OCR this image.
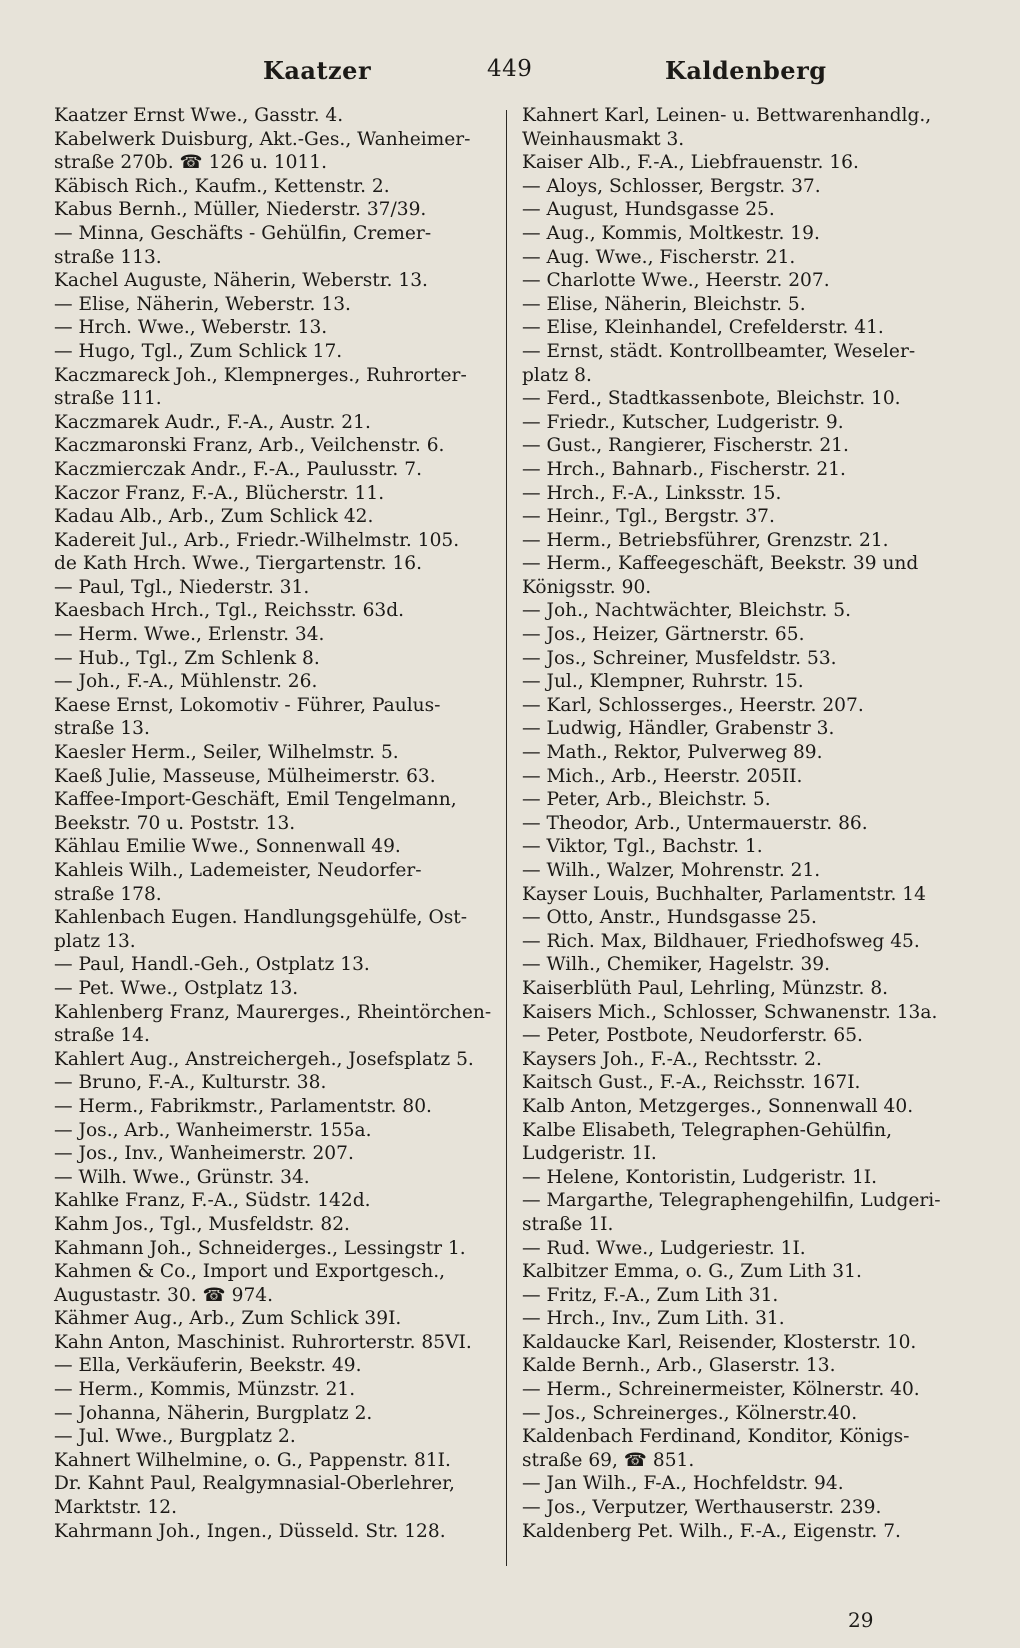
Kaatzer	449	Kaldenberg
Kaatzer Ernst Wwe., Gasstr. 4.
Kabelwerk Duisburg, Akt.-Ges., Wanheimer-
straße 270b. ☎ 126 u. 1011.
Käbisch Rich., Kaufm., Kettenstr. 2.
Kabus Bernh., Müller, Niederstr. 37/39.
— Minna, Geschäfts - Gehülfin, Cremer-
straße 113.
Kachel Auguste, Näherin, Weberstr. 13.
— Elise, Näherin, Weberstr. 13.
— Hrch. Wwe., Weberstr. 13.
— Hugo, Tgl., Zum Schlick 17.
Kaczmareck Joh., Klempnerges., Ruhrorter-
straße 111.
Kaczmarek Audr., F.-A., Austr. 21.
Kaczmaronski Franz, Arb., Veilchenstr. 6.
Kaczmierczak Andr., F.-A., Paulusstr. 7.
Kaczor Franz, F.-A., Blücherstr. 11.
Kadau Alb., Arb., Zum Schlick 42.
Kadereit Jul., Arb., Friedr.-Wilhelmstr. 105.
de Kath Hrch. Wwe., Tiergartenstr. 16.
— Paul, Tgl., Niederstr. 31.
Kaesbach Hrch., Tgl., Reichsstr. 63d.
— Herm. Wwe., Erlenstr. 34.
— Hub., Tgl., Zm Schlenk 8.
— Joh., F.-A., Mühlenstr. 26.
Kaese Ernst, Lokomotiv - Führer, Paulus-
straße 13.
Kaesler Herm., Seiler, Wilhelmstr. 5.
Kaeß Julie, Masseuse, Mülheimerstr. 63.
Kaffee-Import-Geschäft, Emil Tengelmann,
Beekstr. 70 u. Poststr. 13.
Kählau Emilie Wwe., Sonnenwall 49.
Kahleis Wilh., Lademeister, Neudorfer-
straße 178.
Kahlenbach Eugen. Handlungsgehülfe, Ost-
platz 13.
— Paul, Handl.-Geh., Ostplatz 13.
— Pet. Wwe., Ostplatz 13.
Kahlenberg Franz, Maurerges., Rheintörchen-
straße 14.
Kahlert Aug., Anstreichergeh., Josefsplatz 5.
— Bruno, F.-A., Kulturstr. 38.
— Herm., Fabrikmstr., Parlamentstr. 80.
— Jos., Arb., Wanheimerstr. 155a.
— Jos., Inv., Wanheimerstr. 207.
— Wilh. Wwe., Grünstr. 34.
Kahlke Franz, F.-A., Südstr. 142d.
Kahm Jos., Tgl., Musfeldstr. 82.
Kahmann Joh., Schneiderges., Lessingstr 1.
Kahmen & Co., Import und Exportgesch.,
Augustastr. 30. ☎ 974.
Kähmer Aug., Arb., Zum Schlick 39I.
Kahn Anton, Maschinist. Ruhrorterstr. 85VI.
— Ella, Verkäuferin, Beekstr. 49.
— Herm., Kommis, Münzstr. 21.
— Johanna, Näherin, Burgplatz 2.
— Jul. Wwe., Burgplatz 2.
Kahnert Wilhelmine, o. G., Pappenstr. 81I.
Dr. Kahnt Paul, Realgymnasial-Oberlehrer,
Marktstr. 12.
Kahrmann Joh., Ingen., Düsseld. Str. 128.
Kahnert Karl, Leinen- u. Bettwarenhandlg.,
Weinhausmakt 3.
Kaiser Alb., F.-A., Liebfrauenstr. 16.
— Aloys, Schlosser, Bergstr. 37.
— August, Hundsgasse 25.
— Aug., Kommis, Moltkestr. 19.
— Aug. Wwe., Fischerstr. 21.
— Charlotte Wwe., Heerstr. 207.
— Elise, Näherin, Bleichstr. 5.
— Elise, Kleinhandel, Crefelderstr. 41.
— Ernst, städt. Kontrollbeamter, Weseler-
platz 8.
— Ferd., Stadtkassenbote, Bleichstr. 10.
— Friedr., Kutscher, Ludgeristr. 9.
— Gust., Rangierer, Fischerstr. 21.
— Hrch., Bahnarb., Fischerstr. 21.
— Hrch., F.-A., Linksstr. 15.
— Heinr., Tgl., Bergstr. 37.
— Herm., Betriebsführer, Grenzstr. 21.
— Herm., Kaffeegeschäft, Beekstr. 39 und
Königsstr. 90.
— Joh., Nachtwächter, Bleichstr. 5.
— Jos., Heizer, Gärtnerstr. 65.
— Jos., Schreiner, Musfeldstr. 53.
— Jul., Klempner, Ruhrstr. 15.
— Karl, Schlosserges., Heerstr. 207.
— Ludwig, Händler, Grabenstr 3.
— Math., Rektor, Pulverweg 89.
— Mich., Arb., Heerstr. 205II.
— Peter, Arb., Bleichstr. 5.
— Theodor, Arb., Untermauerstr. 86.
— Viktor, Tgl., Bachstr. 1.
— Wilh., Walzer, Mohrenstr. 21.
Kayser Louis, Buchhalter, Parlamentstr. 14
— Otto, Anstr., Hundsgasse 25.
— Rich. Max, Bildhauer, Friedhofsweg 45.
— Wilh., Chemiker, Hagelstr. 39.
Kaiserblüth Paul, Lehrling, Münzstr. 8.
Kaisers Mich., Schlosser, Schwanenstr. 13a.
— Peter, Postbote, Neudorferstr. 65.
Kaysers Joh., F.-A., Rechtsstr. 2.
Kaitsch Gust., F.-A., Reichsstr. 167I.
Kalb Anton, Metzgerges., Sonnenwall 40.
Kalbe Elisabeth, Telegraphen-Gehülfin,
Ludgeristr. 1I.
— Helene, Kontoristin, Ludgeristr. 1I.
— Margarthe, Telegraphengehilfin, Ludgeri-
straße 1I.
— Rud. Wwe., Ludgeriestr. 1I.
Kalbitzer Emma, o. G., Zum Lith 31.
— Fritz, F.-A., Zum Lith 31.
— Hrch., Inv., Zum Lith. 31.
Kaldaucke Karl, Reisender, Klosterstr. 10.
Kalde Bernh., Arb., Glaserstr. 13.
— Herm., Schreinermeister, Kölnerstr. 40.
— Jos., Schreinerges., Kölnerstr.40.
Kaldenbach Ferdinand, Konditor, Königs-
straße 69, ☎ 851.
— Jan Wilh., F-A., Hochfeldstr. 94.
— Jos., Verputzer, Werthauserstr. 239.
Kaldenberg Pet. Wilh., F.-A., Eigenstr. 7.
29
